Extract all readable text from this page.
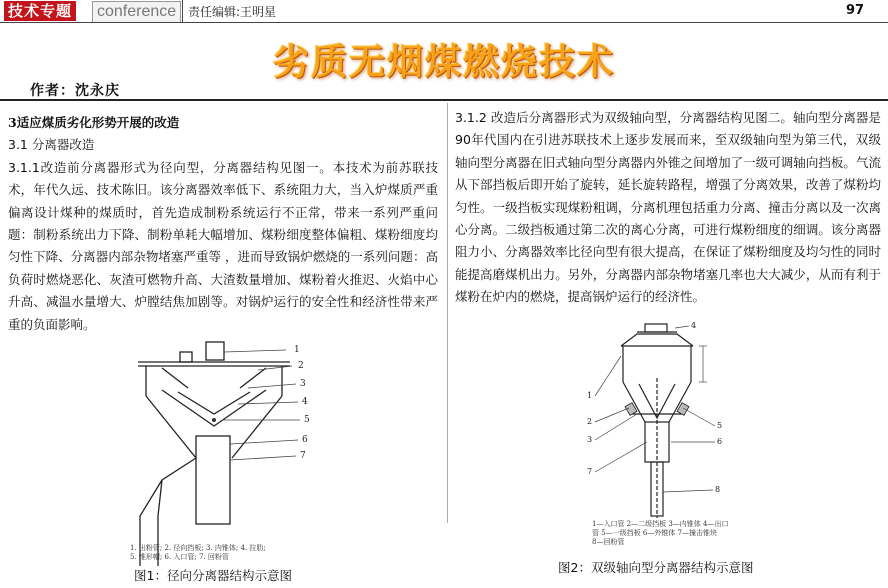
技术专题	conference 责任编辑:王明星	97
劣质无烟煤燃烧技术
作者：沈永庆
3适应煤质劣化形势开展的改造
3.1 分离器改造
3.1.1改造前分离器形式为径向型，分离器结构见图一。本技术为前苏联技术，年代久远、技术陈旧。该分离器效率低下、系统阻力大，当入炉煤质严重偏离设计煤种的煤质时，首先造成制粉系统运行不正常，带来一系列严重问题：制粉系统出力下降、制粉单耗大幅增加、煤粉细度整体偏粗、煤粉细度均匀性下降、分离器内部杂物堵塞严重等 ，进而导致锅炉燃烧的一系列问题：高负荷时燃烧恶化、灰渣可燃物升高、大渣数量增加、煤粉着火推迟、火焰中心升高、减温水量增大、炉膛结焦加剧等。对锅炉运行的安全性和经济性带来严重的负面影响。
3.1.2 改造后分离器形式为双级轴向型，分离器结构见图二。轴向型分离器是90年代国内在引进苏联技术上逐步发展而来，至双级轴向型为第三代，双级轴向型分离器在旧式轴向型分离器内外锥之间增加了一级可调轴向挡板。气流从下部挡板后即开始了旋转，延长旋转路程，增强了分离效果，改善了煤粉均匀性。一级挡板实现煤粉粗调，分离机理包括重力分离、撞击分离以及一次离心分离。二级挡板通过第二次的离心分离，可进行煤粉细度的细调。该分离器阻力小、分离器效率比径向型有很大提高，在保证了煤粉细度及均匀性的同时能提高磨煤机出力。另外，分离器内部杂物堵塞几率也大大减少，从而有利于煤粉在炉内的燃烧，提高锅炉运行的经济性。
1
2
3
4
5
6
7
1. 出粉管; 2. 径向挡板; 3. 内锥体; 4. 拉肋;
5. 锥形帽; 6. 入口管; 7. 回粉管
图1：径向分离器结构示意图
1
2
3
4
5
6
7
8
1—入口管 2—二级挡板 3—内锥体 4—出口
管 5—一级挡板 6—外锥体 7—撞击锥块
8—回粉管
图2：双级轴向型分离器结构示意图
